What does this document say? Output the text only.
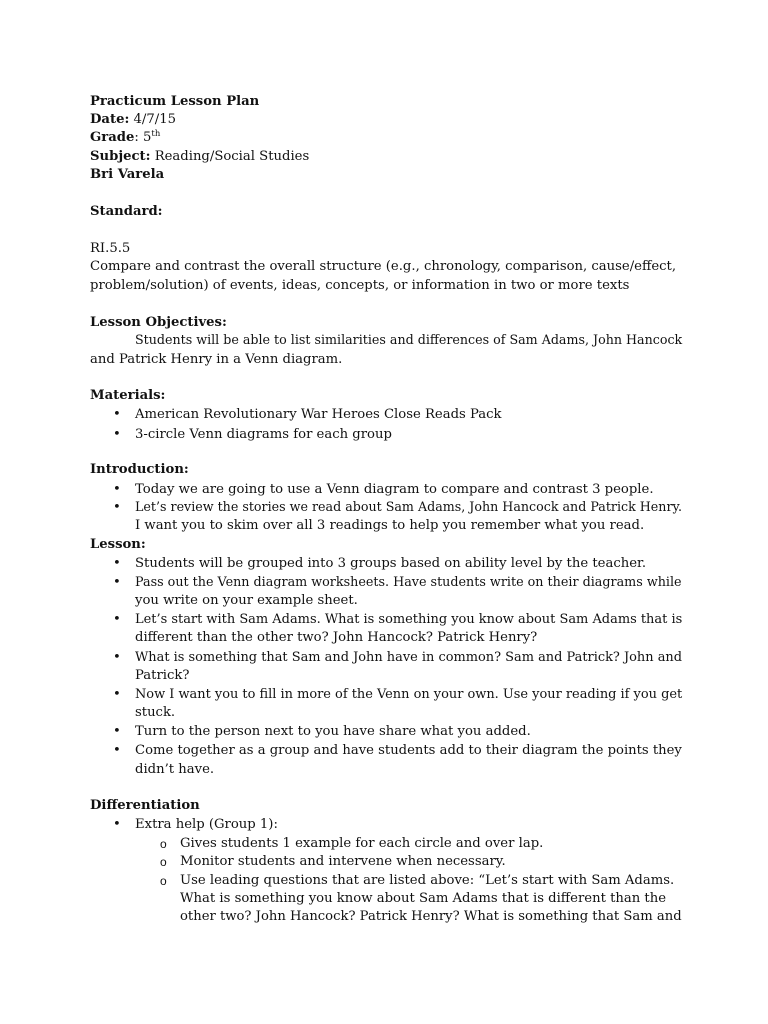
Practicum Lesson Plan
Date: 4/7/15
Grade: 5th
Subject: Reading/Social Studies
Bri Varela
Standard:
RI.5.5
Compare and contrast the overall structure (e.g., chronology, comparison, cause/effect,
problem/solution) of events, ideas, concepts, or information in two or more texts
Lesson Objectives:
Students will be able to list similarities and differences of Sam Adams, John Hancock
and Patrick Henry in a Venn diagram.
Materials:
• American Revolutionary War Heroes Close Reads Pack
• 3-circle Venn diagrams for each group
Introduction:
• Today we are going to use a Venn diagram to compare and contrast 3 people.
• Let’s review the stories we read about Sam Adams, John Hancock and Patrick Henry.
I want you to skim over all 3 readings to help you remember what you read.
Lesson:
• Students will be grouped into 3 groups based on ability level by the teacher.
• Pass out the Venn diagram worksheets. Have students write on their diagrams while
you write on your example sheet.
• Let’s start with Sam Adams. What is something you know about Sam Adams that is
different than the other two? John Hancock? Patrick Henry?
• What is something that Sam and John have in common? Sam and Patrick? John and
Patrick?
• Now I want you to fill in more of the Venn on your own. Use your reading if you get
stuck.
• Turn to the person next to you have share what you added.
• Come together as a group and have students add to their diagram the points they
didn’t have.
Differentiation
• Extra help (Group 1):
o Gives students 1 example for each circle and over lap.
o Monitor students and intervene when necessary.
o Use leading questions that are listed above: “Let’s start with Sam Adams.
What is something you know about Sam Adams that is different than the
other two? John Hancock? Patrick Henry? What is something that Sam and
